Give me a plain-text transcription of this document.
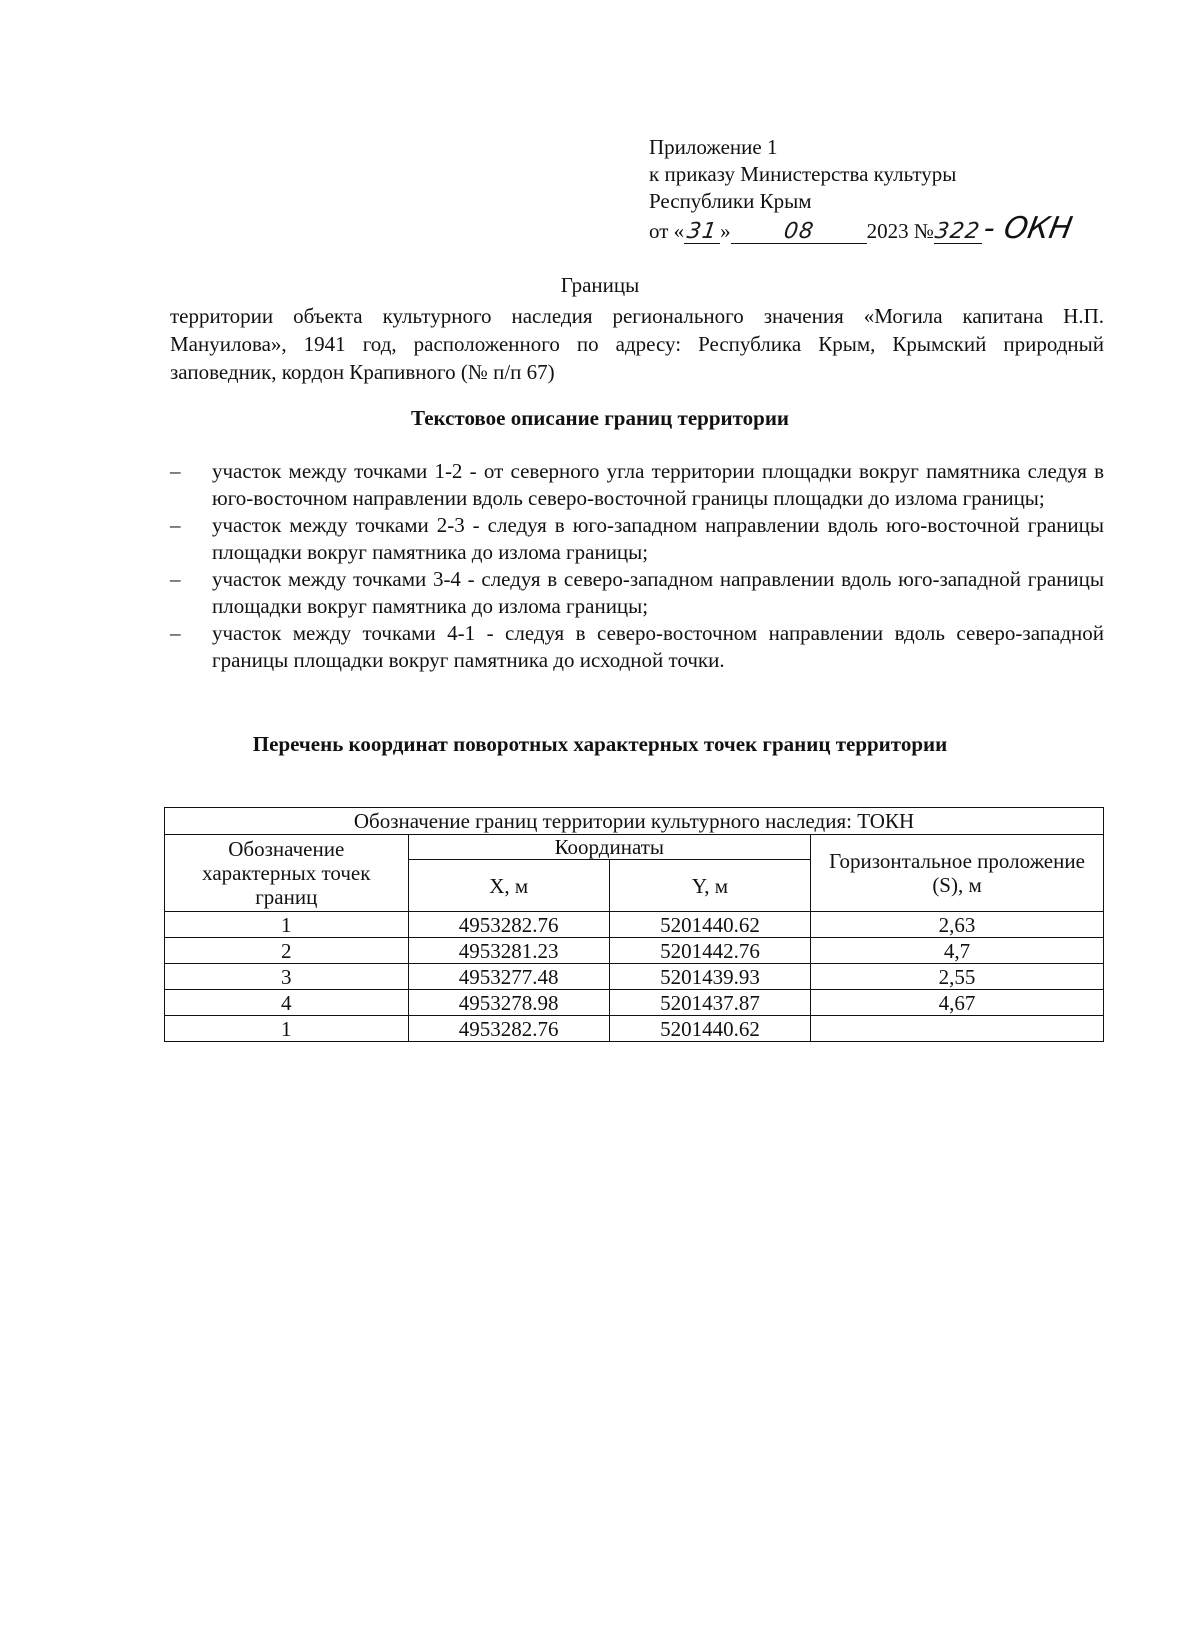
Приложение 1
к приказу Министерства культуры
Республики Крым
от «31» 08 2023 №322- ОКН
Границы
территории объекта культурного наследия регионального значения «Могила капитана Н.П. Мануилова», 1941 год, расположенного по адресу: Республика Крым, Крымский природный заповедник, кордон Крапивного (№ п/п 67)
Текстовое описание границ территории
– участок между точками 1-2 - от северного угла территории площадки вокруг памятника следуя в юго-восточном направлении вдоль северо-восточной границы площадки до излома границы;
– участок между точками 2-3 - следуя в юго-западном направлении вдоль юго-восточной границы площадки вокруг памятника до излома границы;
– участок между точками 3-4 - следуя в северо-западном направлении вдоль юго-западной границы площадки вокруг памятника до излома границы;
– участок между точками 4-1 - следуя в северо-восточном направлении вдоль северо-западной границы площадки вокруг памятника до исходной точки.
Перечень координат поворотных характерных точек границ территории
Обозначение границ территории культурного наследия: ТОКН			
Обозначение характерных точек границ	Координаты		Горизонтальное проложение (S), м
	X, м	Y, м	
1	4953282.76	5201440.62	2,63
2	4953281.23	5201442.76	4,7
3	4953277.48	5201439.93	2,55
4	4953278.98	5201437.87	4,67
1	4953282.76	5201440.62	
